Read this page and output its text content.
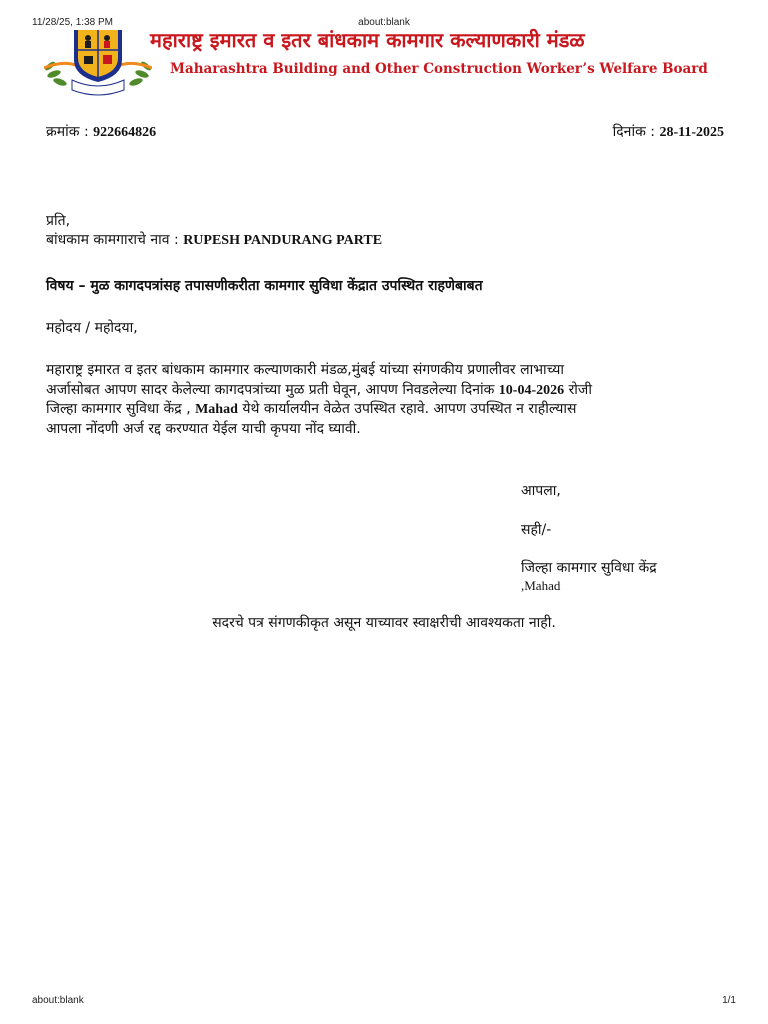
11/28/25, 1:38 PM	about:blank
महाराष्ट्र इमारत व इतर बांधकाम कामगार कल्याणकारी मंडळ
Maharashtra Building and Other Construction Worker’s Welfare Board
क्रमांक : 922664826	दिनांक : 28-11-2025
प्रति,
बांधकाम कामगाराचे नाव : RUPESH PANDURANG PARTE
विषय – मुळ कागदपत्रांसह तपासणीकरीता कामगार सुविधा केंद्रात उपस्थित राहणेबाबत
महोदय / महोदया,
महाराष्ट्र इमारत व इतर बांधकाम कामगार कल्याणकारी मंडळ,मुंबई यांच्या संगणकीय प्रणालीवर लाभाच्या
अर्जासोबत आपण सादर केलेल्या कागदपत्रांच्या मुळ प्रती घेवून, आपण निवडलेल्या दिनांक 10-04-2026 रोजी
जिल्हा कामगार सुविधा केंद्र , Mahad येथे कार्यालयीन वेळेत उपस्थित रहावे. आपण उपस्थित न राहील्यास
आपला नोंदणी अर्ज रद्द करण्यात येईल याची कृपया नोंद घ्यावी.
आपला,
सही/-
जिल्हा कामगार सुविधा केंद्र
,Mahad
सदरचे पत्र संगणकीकृत असून याच्यावर स्वाक्षरीची आवश्यकता नाही.
about:blank	1/1
